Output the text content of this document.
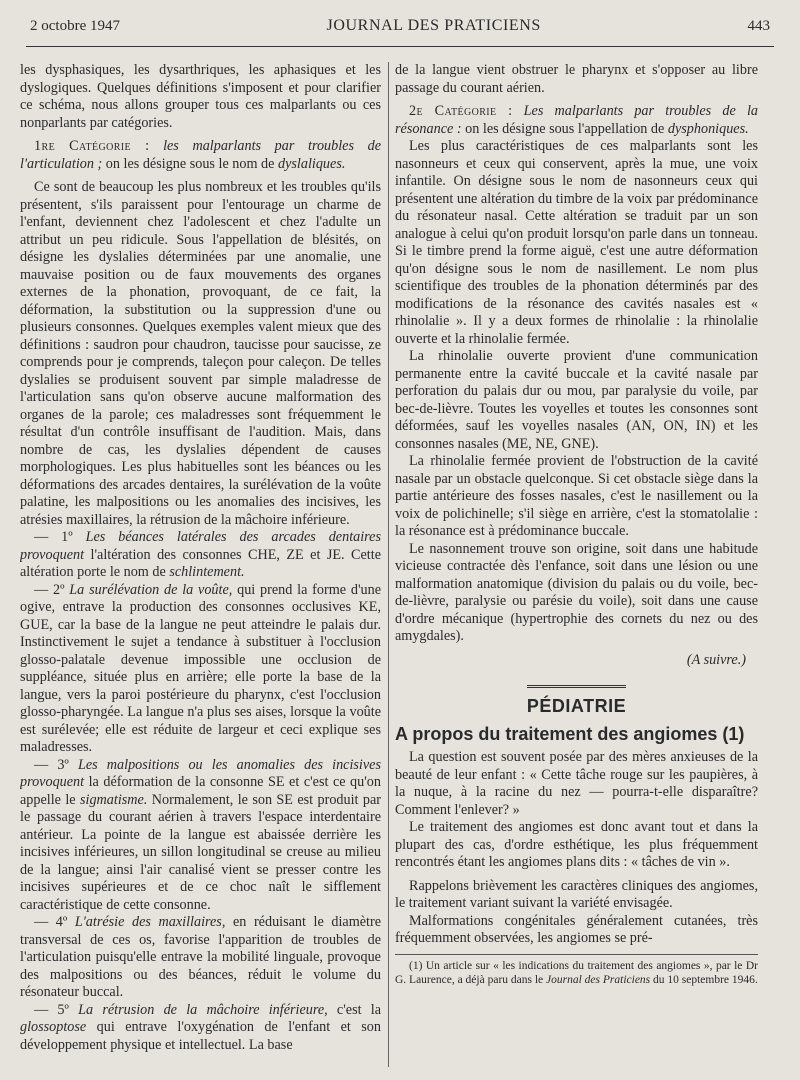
2 octobre 1947	JOURNAL DES PRATICIENS	443

les dysphasiques, les dysarthriques, les aphasiques et les dyslogiques. Quelques définitions s'imposent et pour clarifier ce schéma, nous allons grouper tous ces malparlants ou ces nonparlants par catégories.

1re Catégorie : les malparlants par troubles de l'articulation ; on les désigne sous le nom de dyslaliques.

Ce sont de beaucoup les plus nombreux et les troubles qu'ils présentent, s'ils paraissent pour l'entourage un charme de l'enfant, deviennent chez l'adolescent et chez l'adulte un attribut un peu ridicule. Sous l'appellation de blésités, on désigne les dyslalies déterminées par une anomalie, une mauvaise position ou de faux mouvements des organes externes de la phonation, provoquant, de ce fait, la déformation, la substitution ou la suppression d'une ou plusieurs consonnes. Quelques exemples valent mieux que des définitions : saudron pour chaudron, taucisse pour saucisse, ze comprends pour je comprends, taleçon pour caleçon. De telles dyslalies se produisent souvent par simple maladresse de l'articulation sans qu'on observe aucune malformation des organes de la parole; ces maladresses sont fréquemment le résultat d'un contrôle insuffisant de l'audition. Mais, dans nombre de cas, les dyslalies dépendent de causes morphologiques. Les plus habituelles sont les béances ou les déformations des arcades dentaires, la surélévation de la voûte palatine, les malpositions ou les anomalies des incisives, les atrésies maxillaires, la rétrusion de la mâchoire inférieure.

— 1º Les béances latérales des arcades dentaires provoquent l'altération des consonnes CHE, ZE et JE. Cette altération porte le nom de schlintement.

— 2º La surélévation de la voûte, qui prend la forme d'une ogive, entrave la production des consonnes occlusives KE, GUE, car la base de la langue ne peut atteindre le palais dur. Instinctivement le sujet a tendance à substituer à l'occlusion glosso-palatale devenue impossible une occlusion de suppléance, située plus en arrière; elle porte la base de la langue, vers la paroi postérieure du pharynx, c'est l'occlusion glosso-pharyngée. La langue n'a plus ses aises, lorsque la voûte est surélevée; elle est réduite de largeur et ceci explique ses maladresses.

— 3º Les malpositions ou les anomalies des incisives provoquent la déformation de la consonne SE et c'est ce qu'on appelle le sigmatisme. Normalement, le son SE est produit par le passage du courant aérien à travers l'espace interdentaire antérieur. La pointe de la langue est abaissée derrière les incisives inférieures, un sillon longitudinal se creuse au milieu de la langue; ainsi l'air canalisé vient se presser contre les incisives supérieures et de ce choc naît le sifflement caractéristique de cette consonne.

— 4º L'atrésie des maxillaires, en réduisant le diamètre transversal de ces os, favorise l'apparition de troubles de l'articulation puisqu'elle entrave la mobilité linguale, provoque des malpositions ou des béances, réduit le volume du résonateur buccal.

— 5º La rétrusion de la mâchoire inférieure, c'est la glossoptose qui entrave l'oxygénation de l'enfant et son développement physique et intellectuel. La base

de la langue vient obstruer le pharynx et s'opposer au libre passage du courant aérien.

2e Catégorie : Les malparlants par troubles de la résonance : on les désigne sous l'appellation de dysphoniques.

Les plus caractéristiques de ces malparlants sont les nasonneurs et ceux qui conservent, après la mue, une voix infantile. On désigne sous le nom de nasonneurs ceux qui présentent une altération du timbre de la voix par prédominance du résonateur nasal. Cette altération se traduit par un son analogue à celui qu'on produit lorsqu'on parle dans un tonneau. Si le timbre prend la forme aiguë, c'est une autre déformation qu'on désigne sous le nom de nasillement. Le nom plus scientifique des troubles de la phonation déterminés par des modifications de la résonance des cavités nasales est « rhinolalie ». Il y a deux formes de rhinolalie : la rhinolalie ouverte et la rhinolalie fermée.

La rhinolalie ouverte provient d'une communication permanente entre la cavité buccale et la cavité nasale par perforation du palais dur ou mou, par paralysie du voile, par bec-de-lièvre. Toutes les voyelles et toutes les consonnes sont déformées, sauf les voyelles nasales (AN, ON, IN) et les consonnes nasales (ME, NE, GNE).

La rhinolalie fermée provient de l'obstruction de la cavité nasale par un obstacle quelconque. Si cet obstacle siège dans la partie antérieure des fosses nasales, c'est le nasillement ou la voix de polichinelle; s'il siège en arrière, c'est la stomatolalie : la résonance est à prédominance buccale.

Le nasonnement trouve son origine, soit dans une habitude vicieuse contractée dès l'enfance, soit dans une lésion ou une malformation anatomique (division du palais ou du voile, bec-de-lièvre, paralysie ou parésie du voile), soit dans une cause d'ordre mécanique (hypertrophie des cornets du nez ou des amygdales).

(A suivre.)

PÉDIATRIE

A propos du traitement des angiomes (1)

La question est souvent posée par des mères anxieuses de la beauté de leur enfant : « Cette tâche rouge sur les paupières, à la nuque, à la racine du nez — pourra-t-elle disparaître? Comment l'enlever? »

Le traitement des angiomes est donc avant tout et dans la plupart des cas, d'ordre esthétique, les plus fréquemment rencontrés étant les angiomes plans dits : « tâches de vin ».

Rappelons brièvement les caractères cliniques des angiomes, le traitement variant suivant la variété envisagée.

Malformations congénitales généralement cutanées, très fréquemment observées, les angiomes se pré-

(1) Un article sur « les indications du traitement des angiomes », par le Dr G. Laurence, a déjà paru dans le Journal des Praticiens du 10 septembre 1946.
